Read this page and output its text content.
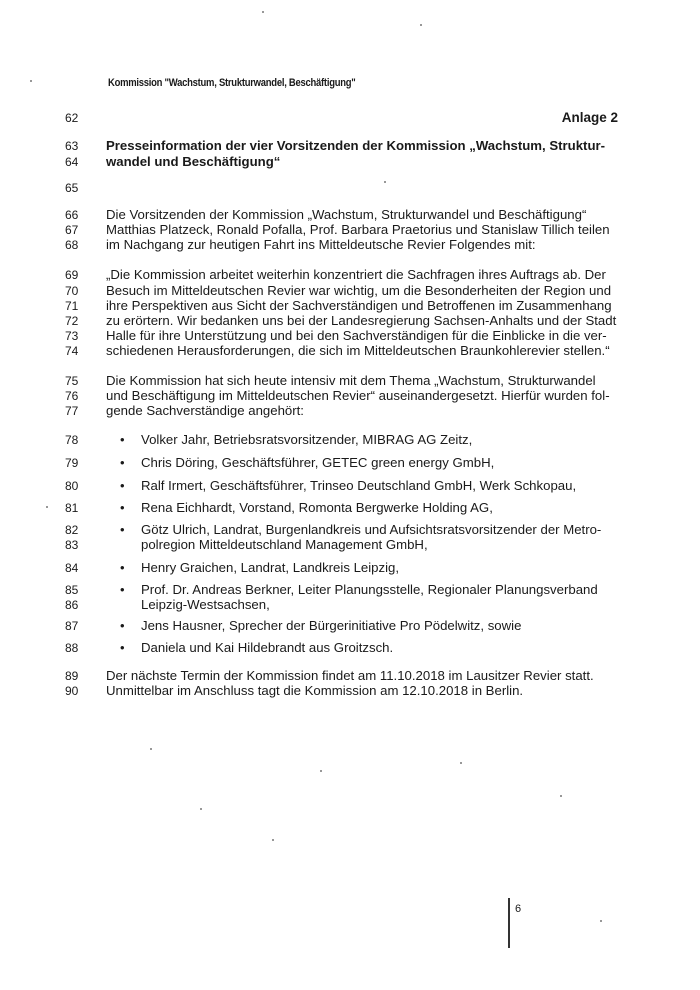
Kommission "Wachstum, Strukturwandel, Beschäftigung"
Anlage 2
62
63
64
65
66
67
68
69
70
71
72
73
74
75
76
77
78
79
80
81
82
83
84
85
86
87
88
89
90
Presseinformation der vier Vorsitzenden der Kommission „Wachstum, Struktur-
wandel und Beschäftigung“
Die Vorsitzenden der Kommission „Wachstum, Strukturwandel und Beschäftigung“
Matthias Platzeck, Ronald Pofalla, Prof. Barbara Praetorius und Stanislaw Tillich teilen
im Nachgang zur heutigen Fahrt ins Mitteldeutsche Revier Folgendes mit:
„Die Kommission arbeitet weiterhin konzentriert die Sachfragen ihres Auftrags ab. Der
Besuch im Mitteldeutschen Revier war wichtig, um die Besonderheiten der Region und
ihre Perspektiven aus Sicht der Sachverständigen und Betroffenen im Zusammenhang
zu erörtern. Wir bedanken uns bei der Landesregierung Sachsen-Anhalts und der Stadt
Halle für ihre Unterstützung und bei den Sachverständigen für die Einblicke in die ver-
schiedenen Herausforderungen, die sich im Mitteldeutschen Braunkohlerevier stellen.“
Die Kommission hat sich heute intensiv mit dem Thema „Wachstum, Strukturwandel
und Beschäftigung im Mitteldeutschen Revier“ auseinandergesetzt. Hierfür wurden fol-
gende Sachverständige angehört:
• Volker Jahr, Betriebsratsvorsitzender, MIBRAG AG Zeitz,
• Chris Döring, Geschäftsführer, GETEC green energy GmbH,
• Ralf Irmert, Geschäftsführer, Trinseo Deutschland GmbH, Werk Schkopau,
• Rena Eichhardt, Vorstand, Romonta Bergwerke Holding AG,
• Götz Ulrich, Landrat, Burgenlandkreis und Aufsichtsratsvorsitzender der Metro-
polregion Mitteldeutschland Management GmbH,
• Henry Graichen, Landrat, Landkreis Leipzig,
• Prof. Dr. Andreas Berkner, Leiter Planungsstelle, Regionaler Planungsverband
Leipzig-Westsachsen,
• Jens Hausner, Sprecher der Bürgerinitiative Pro Pödelwitz, sowie
• Daniela und Kai Hildebrandt aus Groitzsch.
Der nächste Termin der Kommission findet am 11.10.2018 im Lausitzer Revier statt.
Unmittelbar im Anschluss tagt die Kommission am 12.10.2018 in Berlin.
6
